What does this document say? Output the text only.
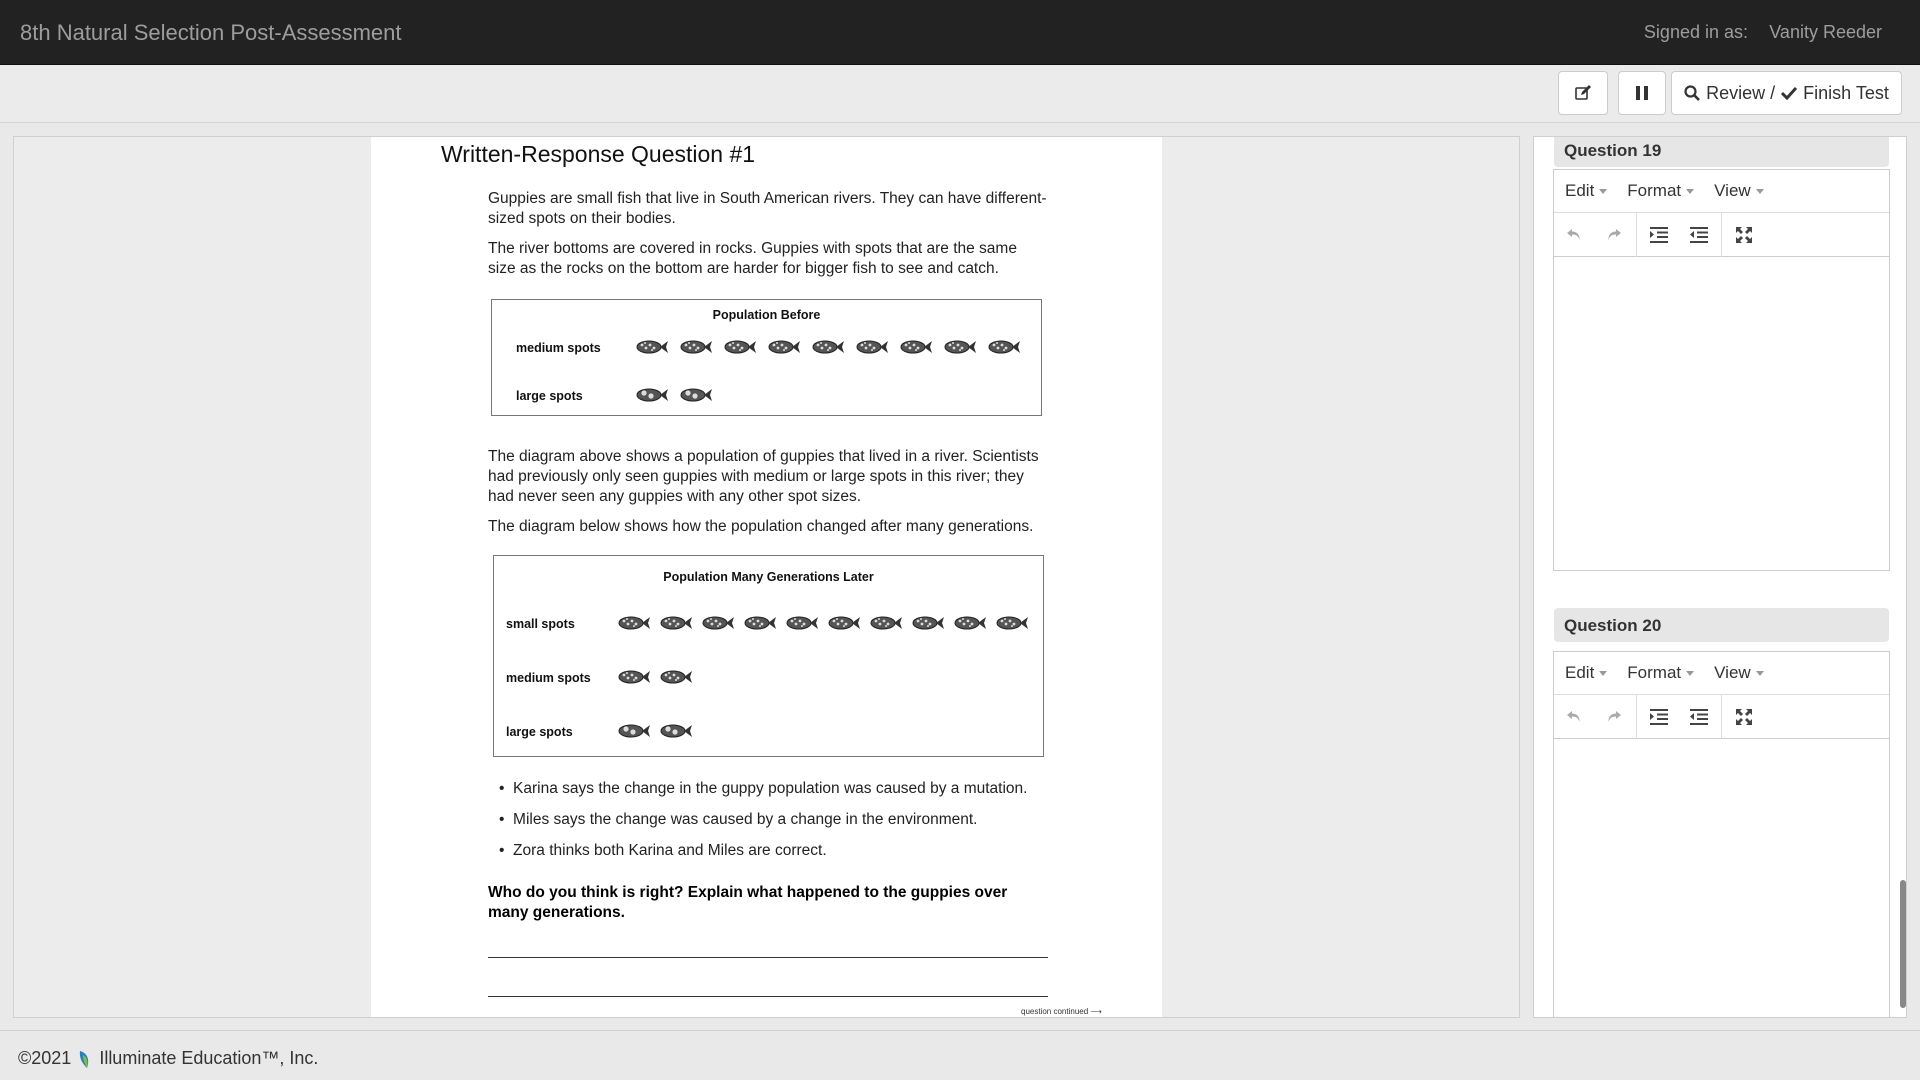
8th Natural Selection Post-Assessment	Signed in as: Vanity Reeder
Review / Finish Test
Written-Response Question #1
Guppies are small fish that live in South American rivers. They can have different-sized spots on their bodies.
The river bottoms are covered in rocks. Guppies with spots that are the same size as the rocks on the bottom are harder for bigger fish to see and catch.
Population Before
medium spots
large spots
The diagram above shows a population of guppies that lived in a river. Scientists had previously only seen guppies with medium or large spots in this river; they had never seen any guppies with any other spot sizes.
The diagram below shows how the population changed after many generations.
Population Many Generations Later
small spots
medium spots
large spots
•  Karina says the change in the guppy population was caused by a mutation.
•  Miles says the change was caused by a change in the environment.
•  Zora thinks both Karina and Miles are correct.
Who do you think is right? Explain what happened to the guppies over many generations.
question continued ⟶
Question 19
Edit	Format	View
Question 20
Edit	Format	View
©2021 Illuminate Education™, Inc.
